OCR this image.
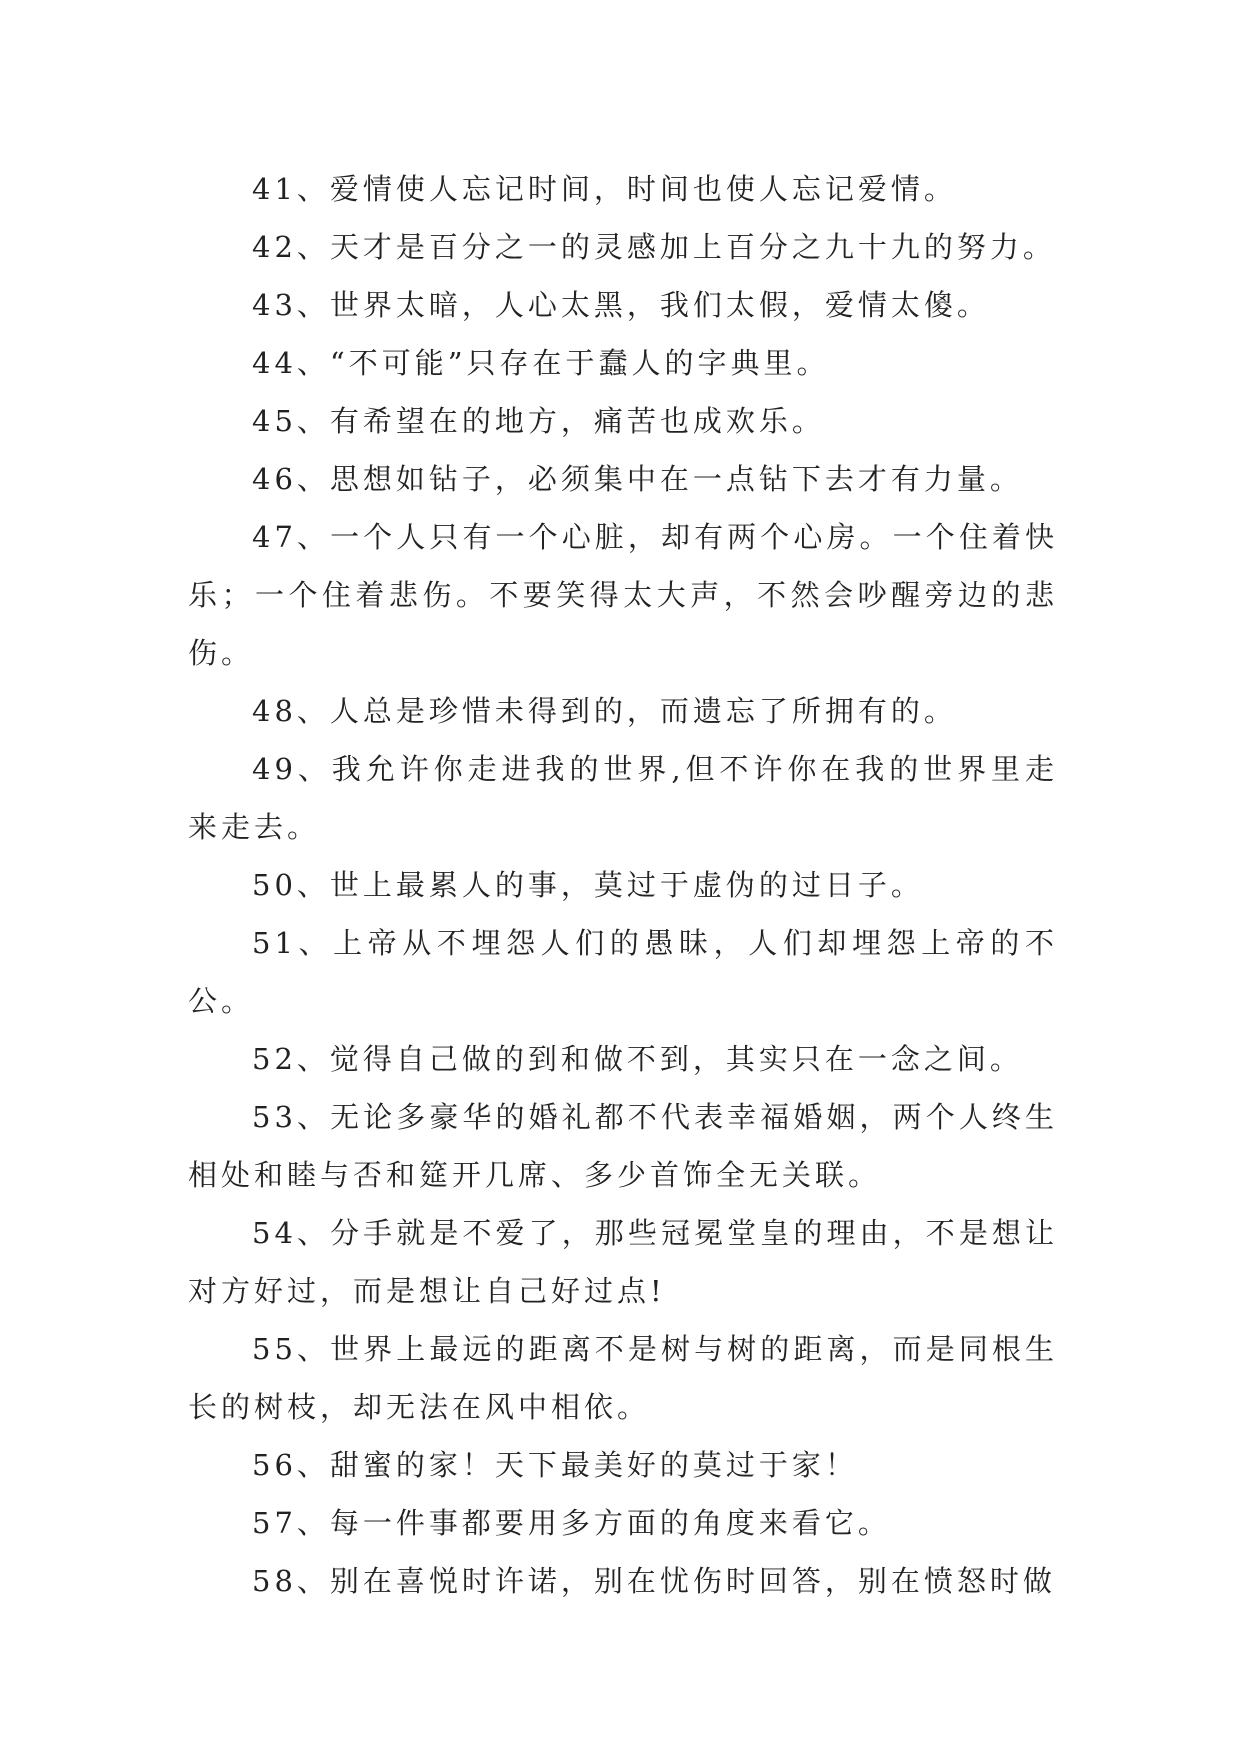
41、爱情使人忘记时间，时间也使人忘记爱情。

42、天才是百分之一的灵感加上百分之九十九的努力。

43、世界太暗，人心太黑，我们太假，爱情太傻。

44、“不可能”只存在于蠢人的字典里。

45、有希望在的地方，痛苦也成欢乐。

46、思想如钻子，必须集中在一点钻下去才有力量。

47、一个人只有一个心脏，却有两个心房。一个住着快乐；一个住着悲伤。不要笑得太大声，不然会吵醒旁边的悲伤。

48、人总是珍惜未得到的，而遗忘了所拥有的。

49、我允许你走进我的世界,但不许你在我的世界里走来走去。

50、世上最累人的事，莫过于虚伪的过日子。

51、上帝从不埋怨人们的愚昧，人们却埋怨上帝的不公。

52、觉得自己做的到和做不到，其实只在一念之间。

53、无论多豪华的婚礼都不代表幸福婚姻，两个人终生相处和睦与否和筵开几席、多少首饰全无关联。

54、分手就是不爱了，那些冠冕堂皇的理由，不是想让对方好过，而是想让自己好过点!

55、世界上最远的距离不是树与树的距离，而是同根生长的树枝，却无法在风中相依。

56、甜蜜的家！天下最美好的莫过于家！

57、每一件事都要用多方面的角度来看它。

58、别在喜悦时许诺，别在忧伤时回答，别在愤怒时做
